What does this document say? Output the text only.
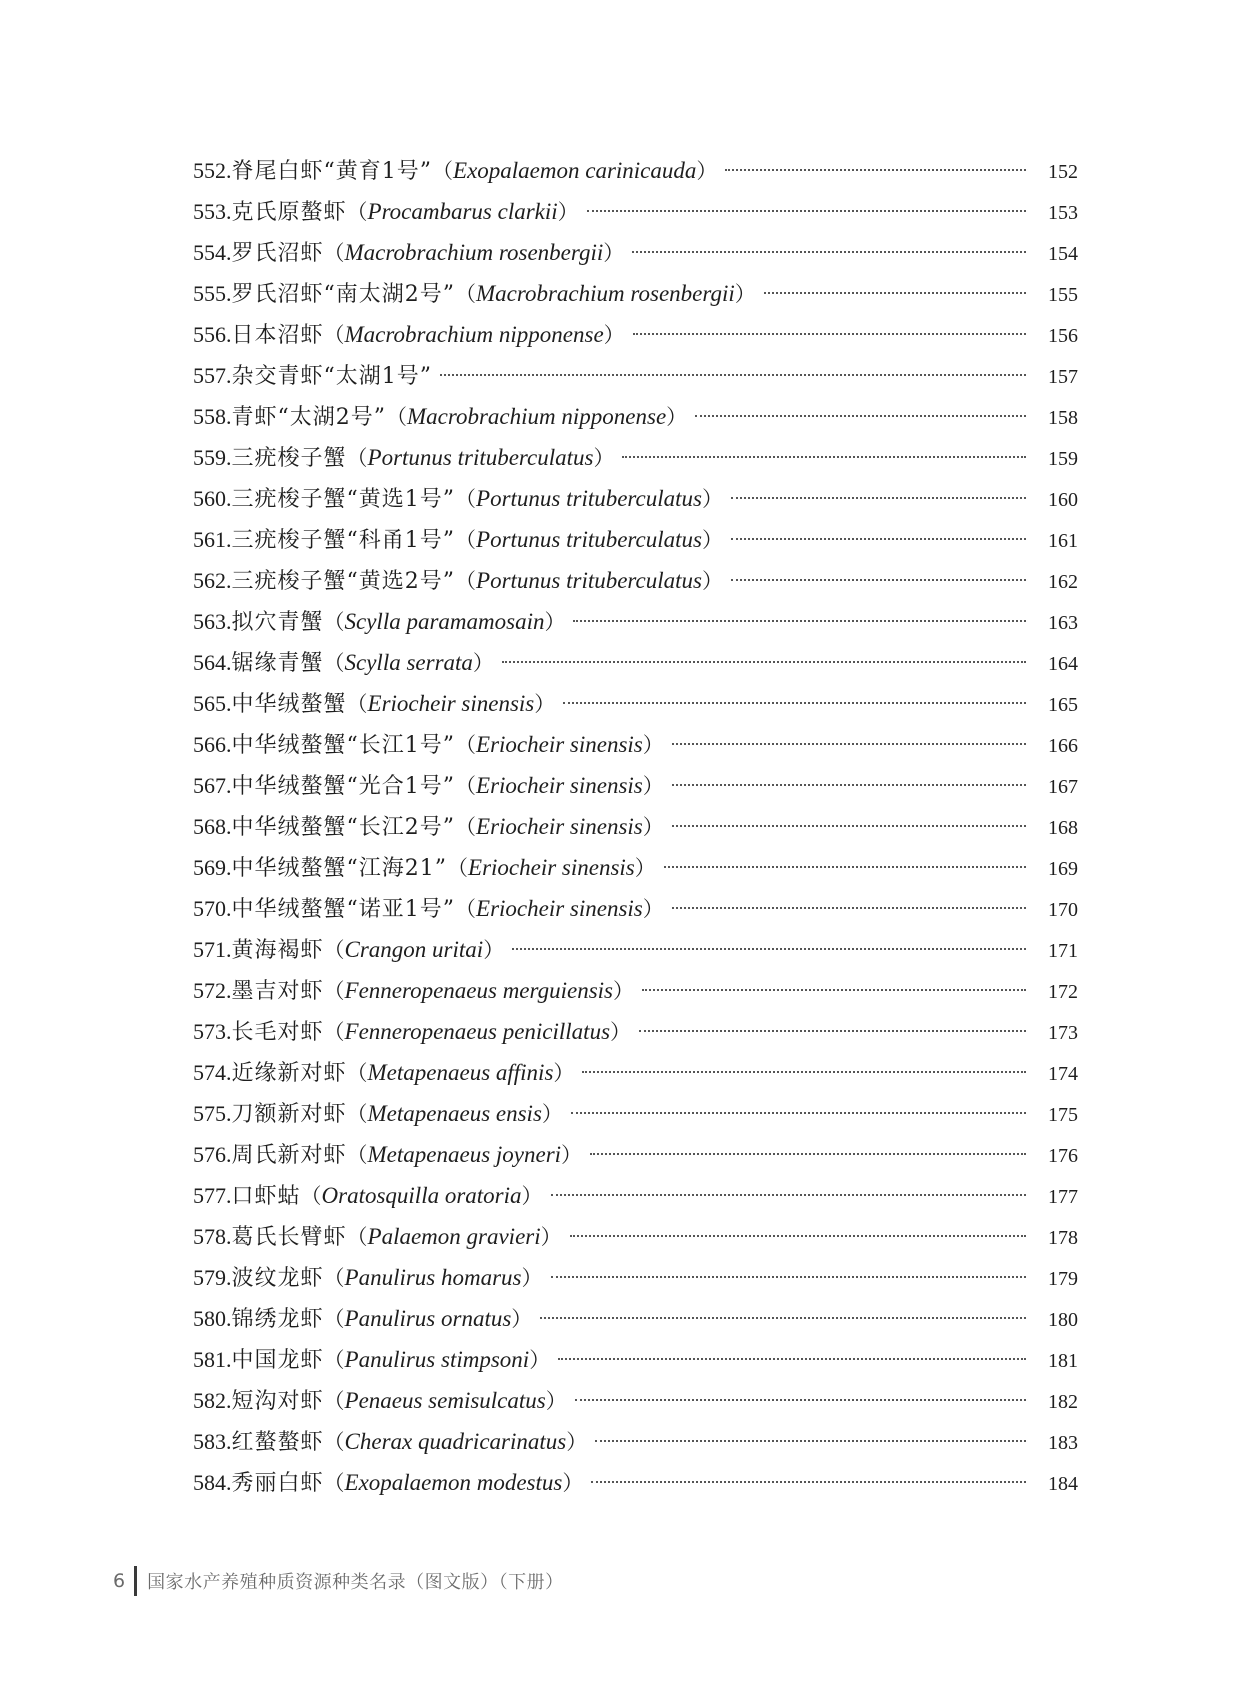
552. 脊尾白虾 “黄育1号” （ Exopalaemon carinicauda ）	152
553. 克氏原螯虾 （ Procambarus clarkii ）	153
554. 罗氏沼虾 （ Macrobrachium rosenbergii ）	154
555. 罗氏沼虾 “南太湖2号” （ Macrobrachium rosenbergii ）	155
556. 日本沼虾 （ Macrobrachium nipponense ）	156
557. 杂交青虾 “太湖1号”	157
558. 青虾 “太湖2号” （ Macrobrachium nipponense ）	158
559. 三疣梭子蟹 （ Portunus trituberculatus ）	159
560. 三疣梭子蟹 “黄选1号” （ Portunus trituberculatus ）	160
561. 三疣梭子蟹 “科甬1号” （ Portunus trituberculatus ）	161
562. 三疣梭子蟹 “黄选2号” （ Portunus trituberculatus ）	162
563. 拟穴青蟹 （ Scylla paramamosain ）	163
564. 锯缘青蟹 （ Scylla serrata ）	164
565. 中华绒螯蟹 （ Eriocheir sinensis ）	165
566. 中华绒螯蟹 “长江1号” （ Eriocheir sinensis ）	166
567. 中华绒螯蟹 “光合1号” （ Eriocheir sinensis ）	167
568. 中华绒螯蟹 “长江2号” （ Eriocheir sinensis ）	168
569. 中华绒螯蟹 “江海21” （ Eriocheir sinensis ）	169
570. 中华绒螯蟹 “诺亚1号” （ Eriocheir sinensis ）	170
571. 黄海褐虾 （ Crangon uritai ）	171
572. 墨吉对虾 （ Fenneropenaeus merguiensis ）	172
573. 长毛对虾 （ Fenneropenaeus penicillatus ）	173
574. 近缘新对虾 （ Metapenaeus affinis ）	174
575. 刀额新对虾 （ Metapenaeus ensis ）	175
576. 周氏新对虾 （ Metapenaeus joyneri ）	176
577. 口虾蛄 （ Oratosquilla oratoria ）	177
578. 葛氏长臂虾 （ Palaemon gravieri ）	178
579. 波纹龙虾 （ Panulirus homarus ）	179
580. 锦绣龙虾 （ Panulirus ornatus ）	180
581. 中国龙虾 （ Panulirus stimpsoni ）	181
582. 短沟对虾 （ Penaeus semisulcatus ）	182
583. 红螯螯虾 （ Cherax quadricarinatus ）	183
584. 秀丽白虾 （ Exopalaemon modestus ）	184
6 国家水产养殖种质资源种类名录（图文版）（下册）
